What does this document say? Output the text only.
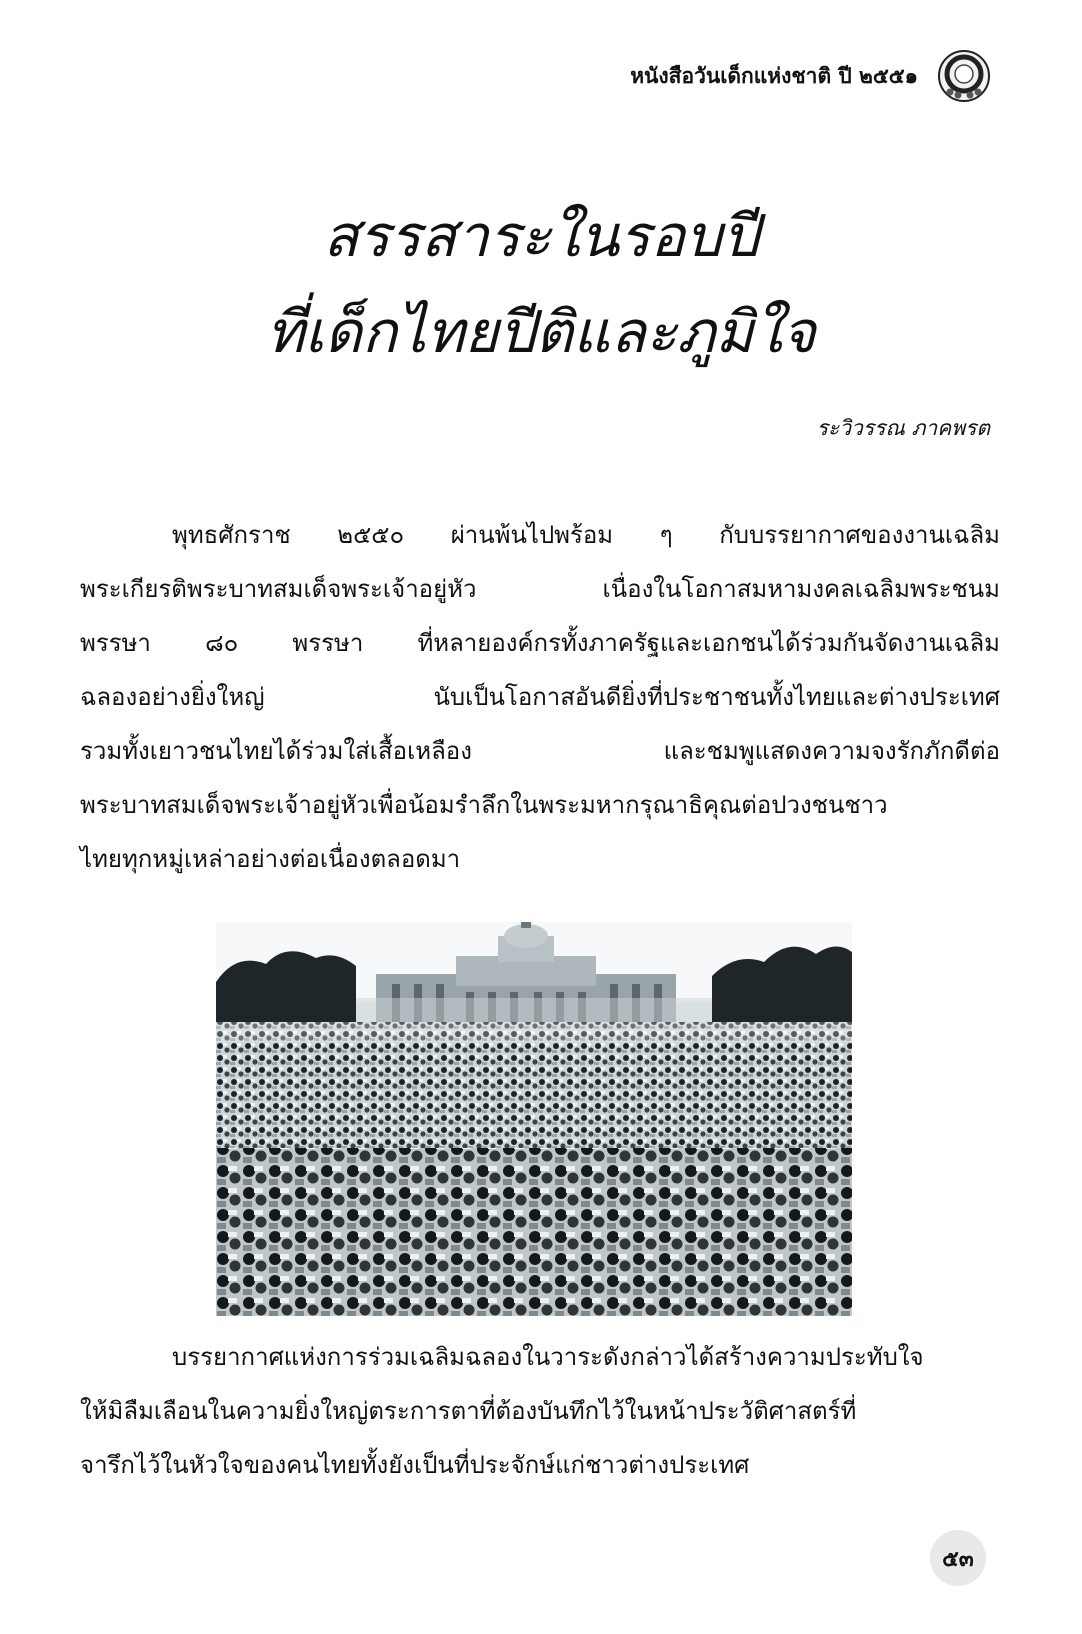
หนังสือวันเด็กแห่งชาติ ปี ๒๕๕๑
สรรสาระในรอบปี
ที่เด็กไทยปีติและภูมิใจ
ระวิวรรณ ภาคพรต
พุทธศักราช ๒๕๕๐ ผ่านพ้นไปพร้อม ๆ กับบรรยากาศของงานเฉลิม
พระเกียรติพระบาทสมเด็จพระเจ้าอยู่หัว เนื่องในโอกาสมหามงคลเฉลิมพระชนม
พรรษา ๘๐ พรรษา ที่หลายองค์กรทั้งภาครัฐและเอกชนได้ร่วมกันจัดงานเฉลิม
ฉลองอย่างยิ่งใหญ่ นับเป็นโอกาสอันดียิ่งที่ประชาชนทั้งไทยและต่างประเทศ
รวมทั้งเยาวชนไทยได้ร่วมใส่เสื้อเหลือง และชมพูแสดงความจงรักภักดีต่อ
พระบาทสมเด็จพระเจ้าอยู่หัวเพื่อน้อมรำลึกในพระมหากรุณาธิคุณต่อปวงชนชาว
ไทยทุกหมู่เหล่าอย่างต่อเนื่องตลอดมา
บรรยากาศแห่งการร่วมเฉลิมฉลองในวาระดังกล่าวได้สร้างความประทับใจ
ให้มิลืมเลือนในความยิ่งใหญ่ตระการตาที่ต้องบันทึกไว้ในหน้าประวัติศาสตร์ที่
จารึกไว้ในหัวใจของคนไทยทั้งยังเป็นที่ประจักษ์แก่ชาวต่างประเทศ
๕๓
